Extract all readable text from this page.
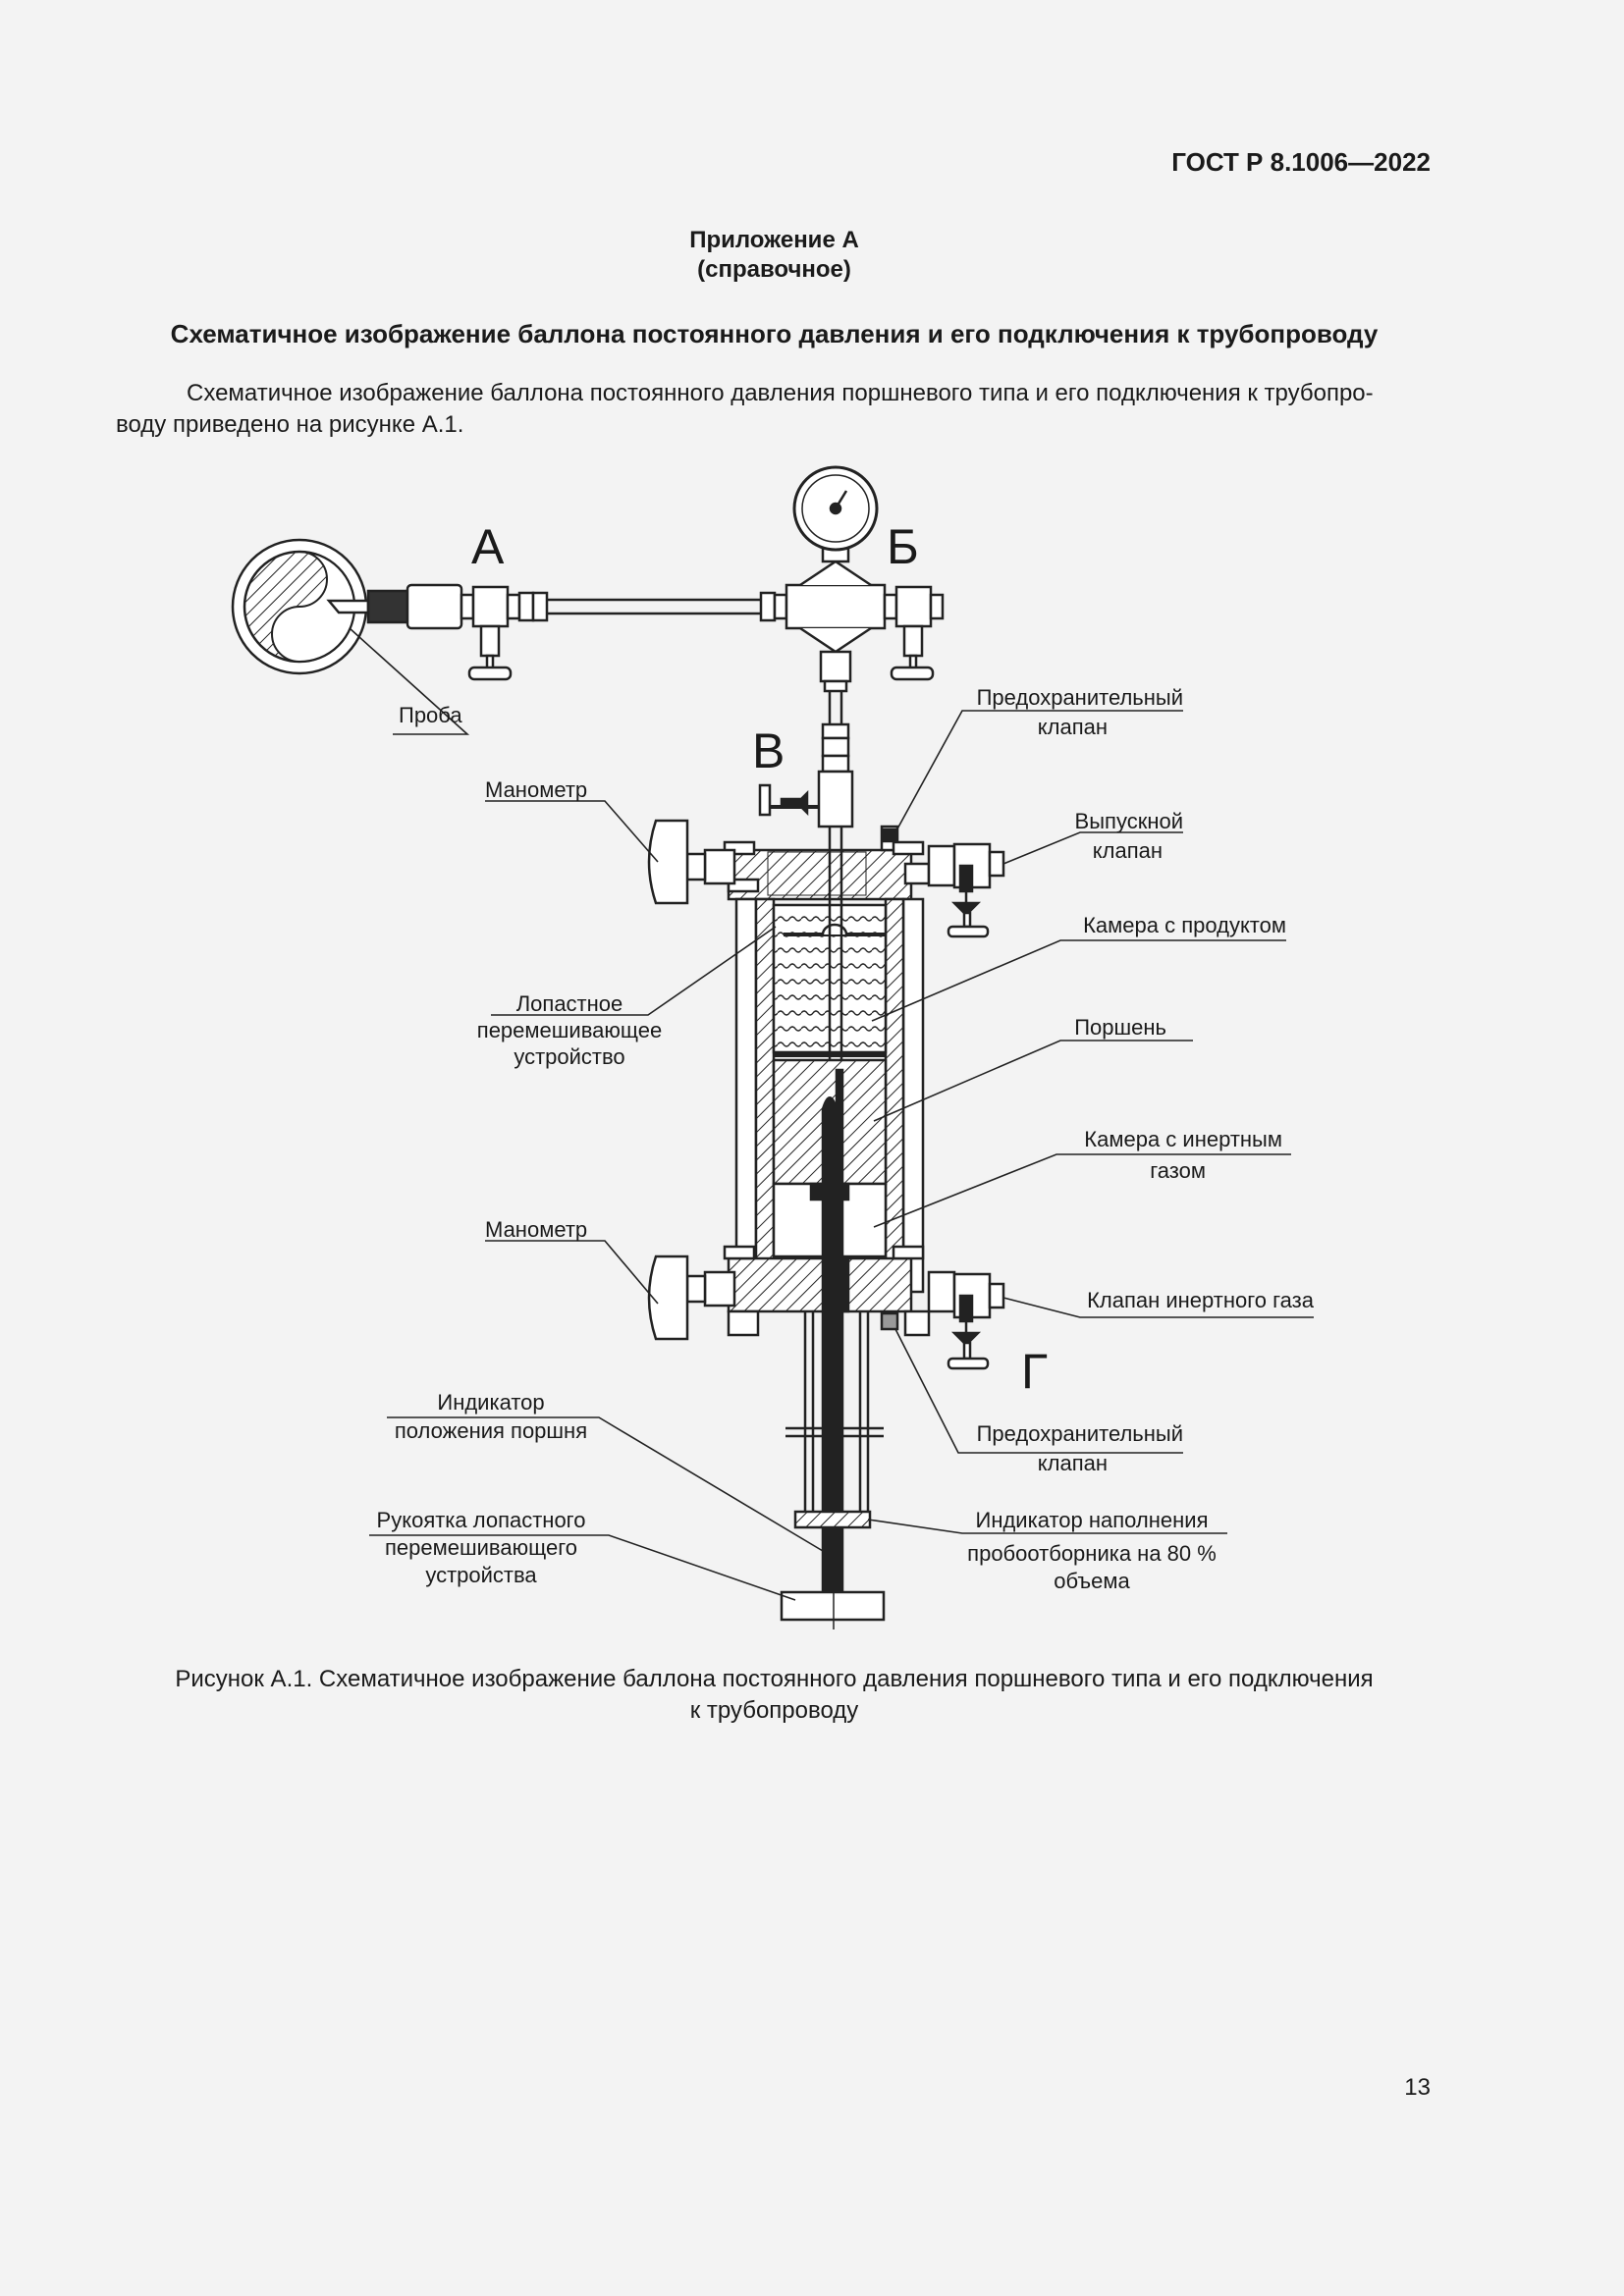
ГОСТ Р 8.1006—2022
Приложение А
(справочное)
Схематичное изображение баллона постоянного давления и его подключения к трубопроводу
Схематичное изображение баллона постоянного давления поршневого типа и его подключения к трубопро-
воду приведено на рисунке А.1.
А	Б
В
Г
Проба
Предохранительный
клапан
Манометр
Выпускной
клапан
Камера с продуктом
Лопастное
перемешивающее
устройство
Поршень
Камера с инертным
газом
Манометр
Клапан инертного газа
Предохранительный
клапан
Индикатор
положения поршня
Рукоятка лопастного
перемешивающего
устройства
Индикатор наполнения
пробоотборника на 80 %
объема
Рисунок А.1. Схематичное изображение баллона постоянного давления поршневого типа и его подключения
к трубопроводу
13
